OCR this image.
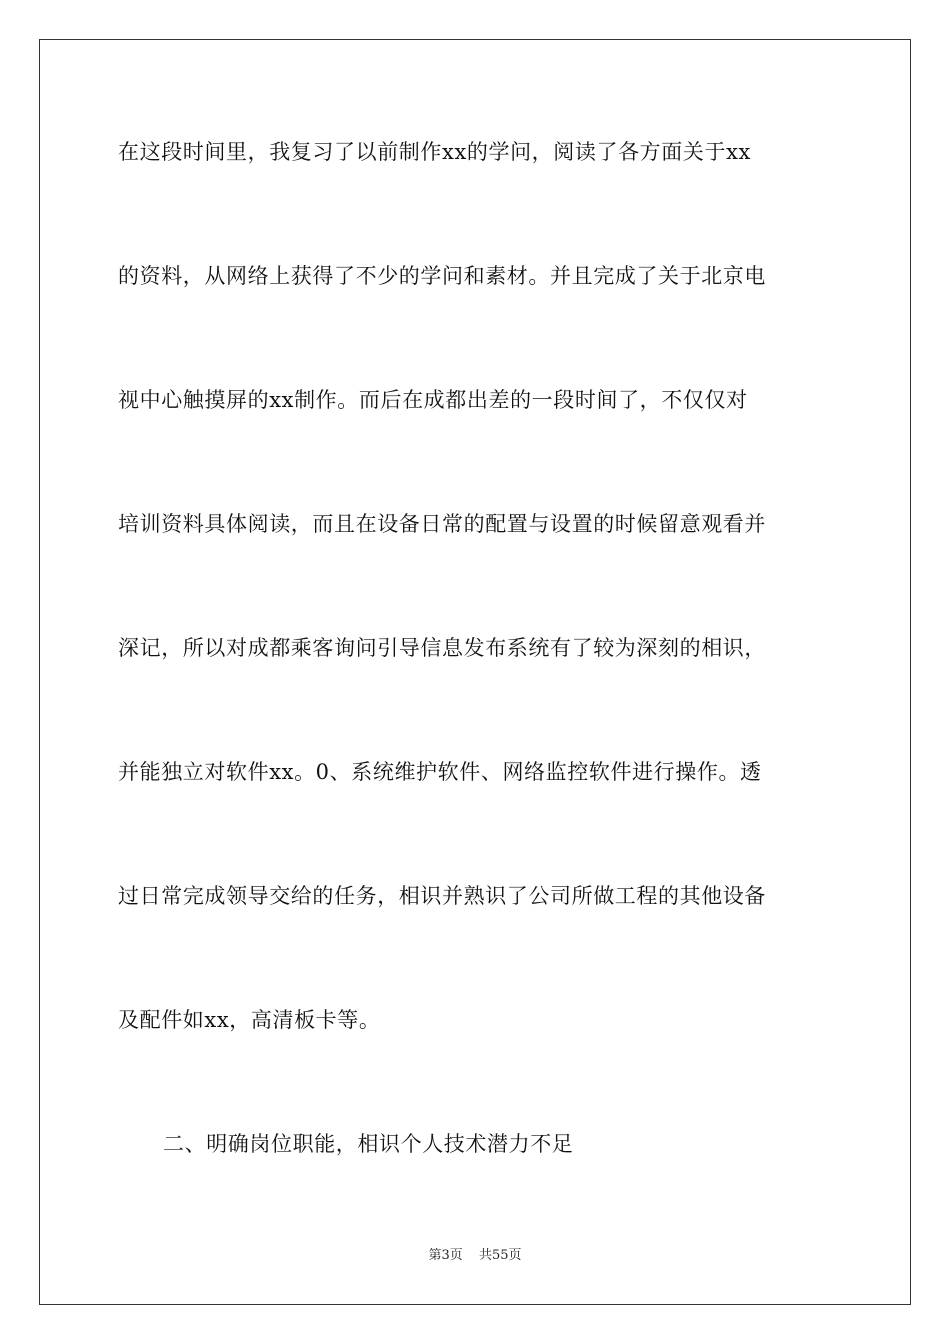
在这段时间里，我复习了以前制作xx的学问，阅读了各方面关于xx
的资料，从网络上获得了不少的学问和素材。并且完成了关于北京电
视中心触摸屏的xx制作。而后在成都出差的一段时间了，不仅仅对
培训资料具体阅读，而且在设备日常的配置与设置的时候留意观看并
深记，所以对成都乘客询问引导信息发布系统有了较为深刻的相识，
并能独立对软件xx。0、系统维护软件、网络监控软件进行操作。透
过日常完成领导交给的任务，相识并熟识了公司所做工程的其他设备
及配件如xx，高清板卡等。
二、明确岗位职能，相识个人技术潜力不足
第3页 共55页
